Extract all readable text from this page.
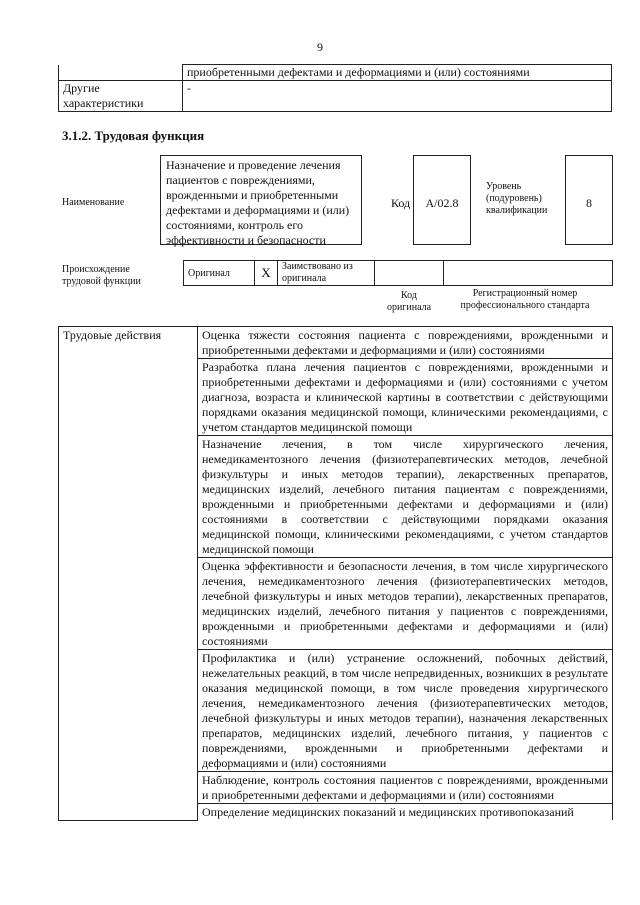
9
	приобретенными дефектами и деформациями и (или) состояниями
Другие характеристики	-
3.1.2. Трудовая функция
Наименование
Назначение и проведение лечения пациентов с повреждениями, врожденными и приобретенными дефектами и деформациями и (или) состояниями, контроль его эффективности и безопасности
Код	A/02.8
Уровень (подуровень) квалификации
8
Происхождение трудовой функции
Оригинал	X	Заимствовано из оригинала		
Код оригинала
Регистрационный номер профессионального стандарта
Трудовые действия	Оценка тяжести состояния пациента с повреждениями, врожденными и приобретенными дефектами и деформациями и (или) состояниями
Разработка плана лечения пациентов с повреждениями, врожденными и приобретенными дефектами и деформациями и (или) состояниями с учетом диагноза, возраста и клинической картины в соответствии с действующими порядками оказания медицинской помощи, клиническими рекомендациями, с учетом стандартов медицинской помощи
Назначение лечения, в том числе хирургического лечения, немедикаментозного лечения (физиотерапевтических методов, лечебной физкультуры и иных методов терапии), лекарственных препаратов, медицинских изделий, лечебного питания пациентам с повреждениями, врожденными и приобретенными дефектами и деформациями и (или) состояниями в соответствии с действующими порядками оказания медицинской помощи, клиническими рекомендациями, с учетом стандартов медицинской помощи
Оценка эффективности и безопасности лечения, в том числе хирургического лечения, немедикаментозного лечения (физиотерапевтических методов, лечебной физкультуры и иных методов терапии), лекарственных препаратов, медицинских изделий, лечебного питания у пациентов с повреждениями, врожденными и приобретенными дефектами и деформациями и (или) состояниями
Профилактика и (или) устранение осложнений, побочных действий, нежелательных реакций, в том числе непредвиденных, возникших в результате оказания медицинской помощи, в том числе проведения хирургического лечения, немедикаментозного лечения (физиотерапевтических методов, лечебной физкультуры и иных методов терапии), назначения лекарственных препаратов, медицинских изделий, лечебного питания, у пациентов с повреждениями, врожденными и приобретенными дефектами и деформациями и (или) состояниями
Наблюдение, контроль состояния пациентов с повреждениями, врожденными и приобретенными дефектами и деформациями и (или) состояниями
Определение медицинских показаний и медицинских противопоказаний
